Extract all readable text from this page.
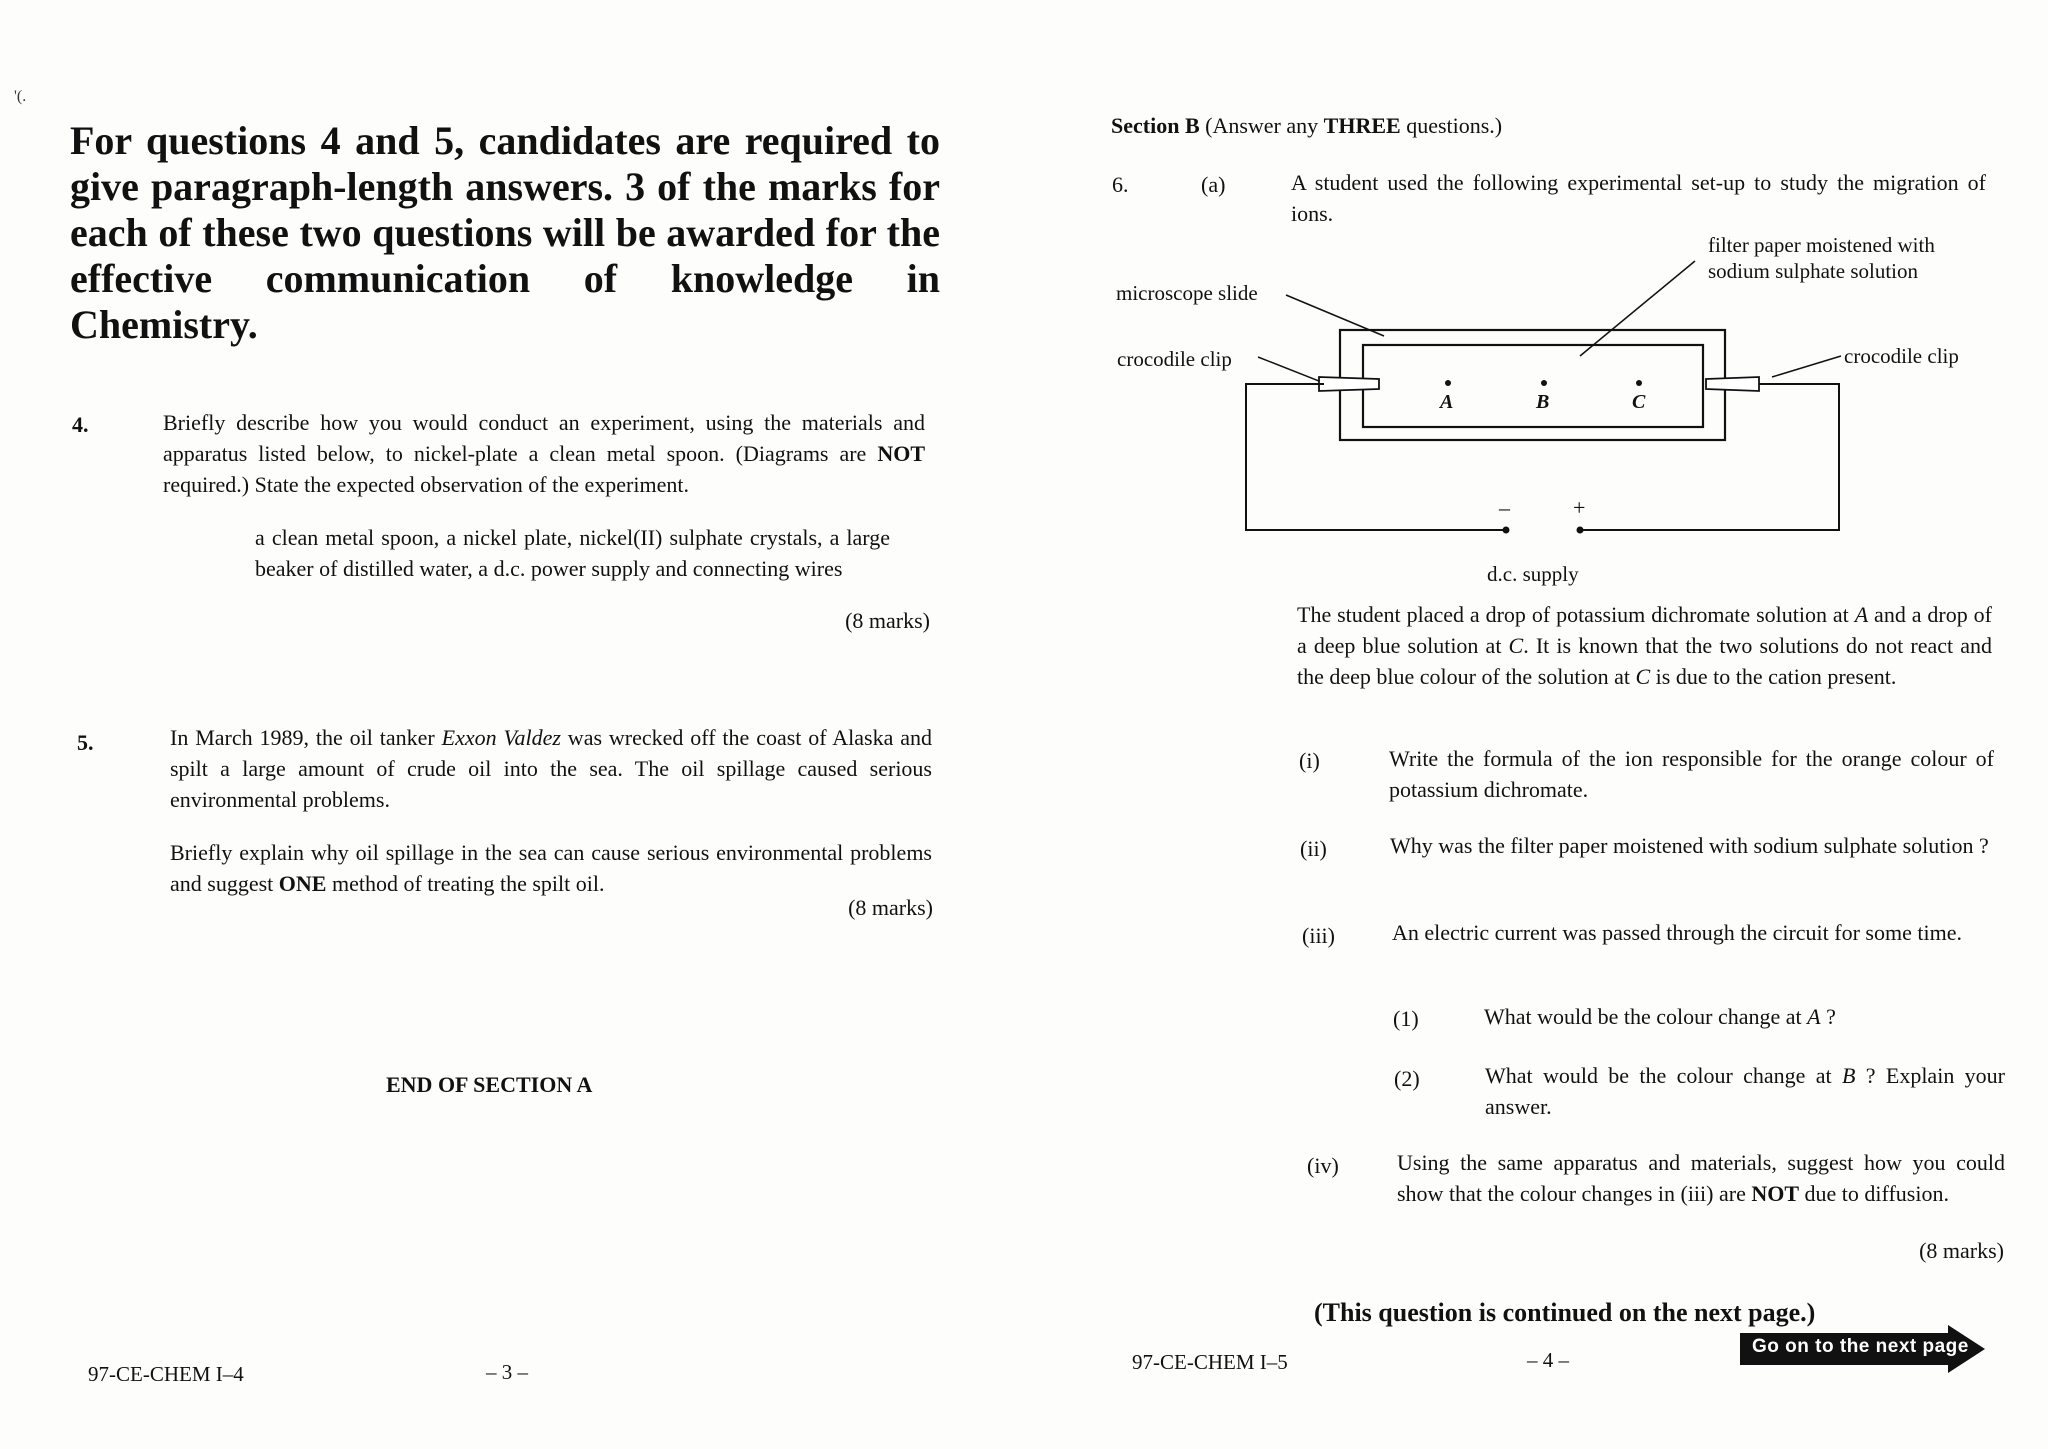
'(.

For questions 4 and 5, candidates are required to give paragraph-length answers. 3 of the marks for each of these two questions will be awarded for the effective communication of knowledge in Chemistry.

4.	Briefly describe how you would conduct an experiment, using the materials and apparatus listed below, to nickel-plate a clean metal spoon. (Diagrams are NOT required.) State the expected observation of the experiment.

a clean metal spoon, a nickel plate, nickel(II) sulphate crystals, a large beaker of distilled water, a d.c. power supply and connecting wires

(8 marks)
5.	In March 1989, the oil tanker Exxon Valdez was wrecked off the coast of Alaska and spilt a large amount of crude oil into the sea. The oil spillage caused serious environmental problems.

Briefly explain why oil spillage in the sea can cause serious environmental problems and suggest ONE method of treating the spilt oil.

(8 marks)
END OF SECTION A
97-CE-CHEM I–4	– 3 –

Section B (Answer any THREE questions.)

6.	(a)	A student used the following experimental set-up to study the migration of ions.

filter paper moistened with
sodium sulphate solution
microscope slide
crocodile clip	crocodile clip
A	B	C
–	+
d.c. supply

The student placed a drop of potassium dichromate solution at A and a drop of a deep blue solution at C. It is known that the two solutions do not react and the deep blue colour of the solution at C is due to the cation present.

(i)	Write the formula of the ion responsible for the orange colour of potassium dichromate.

(ii)	Why was the filter paper moistened with sodium sulphate solution ?

(iii)	An electric current was passed through the circuit for some time.

(1)	What would be the colour change at A ?

(2)	What would be the colour change at B ? Explain your answer.

(iv)	Using the same apparatus and materials, suggest how you could show that the colour changes in (iii) are NOT due to diffusion.

(8 marks)
(This question is continued on the next page.)
97-CE-CHEM I–5	– 4 –
Go on to the next page
